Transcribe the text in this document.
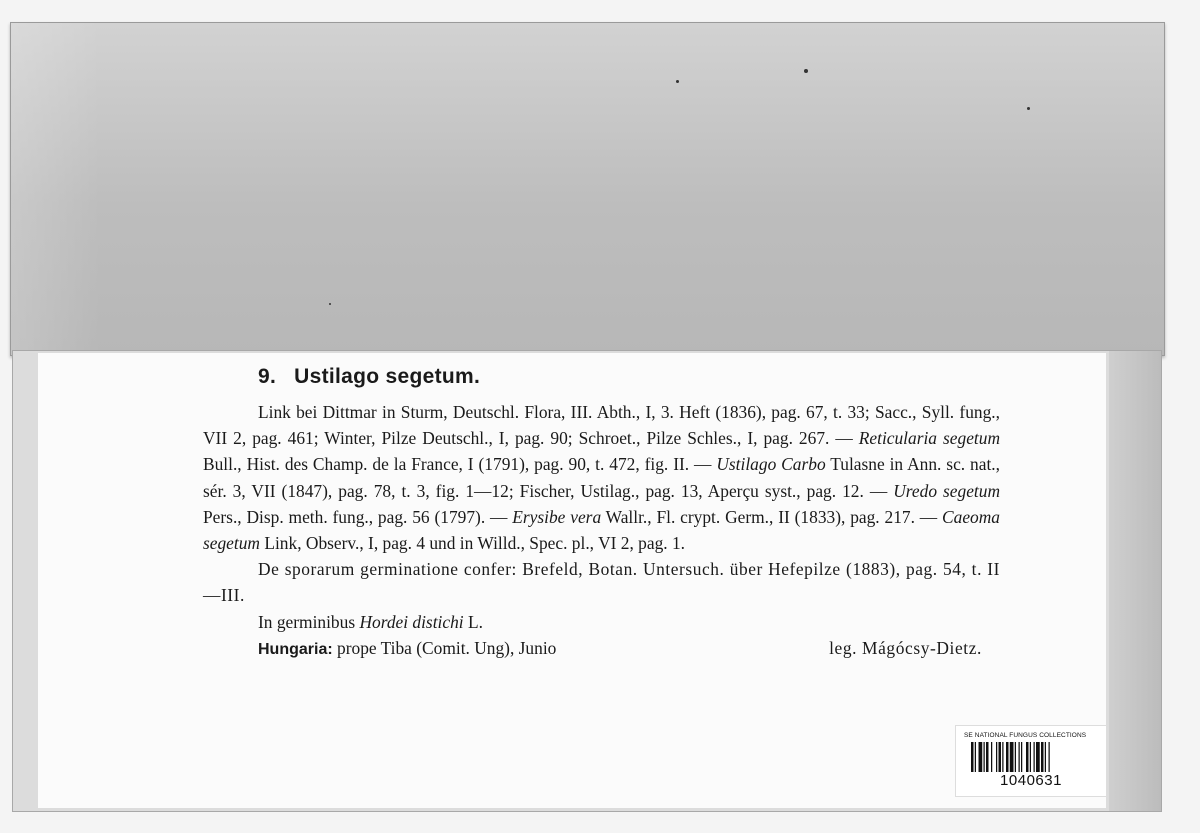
9. Ustilago segetum.

Link bei Dittmar in Sturm, Deutschl. Flora, III. Abth., I, 3. Heft (1836), pag. 67, t. 33; Sacc., Syll. fung., VII 2, pag. 461; Winter, Pilze Deutschl., I, pag. 90; Schroet., Pilze Schles., I, pag. 267. — Reticularia segetum Bull., Hist. des Champ. de la France, I (1791), pag. 90, t. 472, fig. II. — Ustilago Carbo Tulasne in Ann. sc. nat., sér. 3, VII (1847), pag. 78, t. 3, fig. 1—12; Fischer, Ustilag., pag. 13, Aperçu syst., pag. 12. — Uredo segetum Pers., Disp. meth. fung., pag. 56 (1797). — Erysibe vera Wallr., Fl. crypt. Germ., II (1833), pag. 217. — Caeoma segetum Link, Observ., I, pag. 4 und in Willd., Spec. pl., VI 2, pag. 1.

De sporarum germinatione confer: Brefeld, Botan. Untersuch. über Hefepilze (1883), pag. 54, t. II—III.

In germinibus Hordei distichi L.

Hungaria: prope Tiba (Comit. Ung), Junio	leg. Mágócsy-Dietz.
SE NATIONAL FUNGUS COLLECTIONS
1040631
